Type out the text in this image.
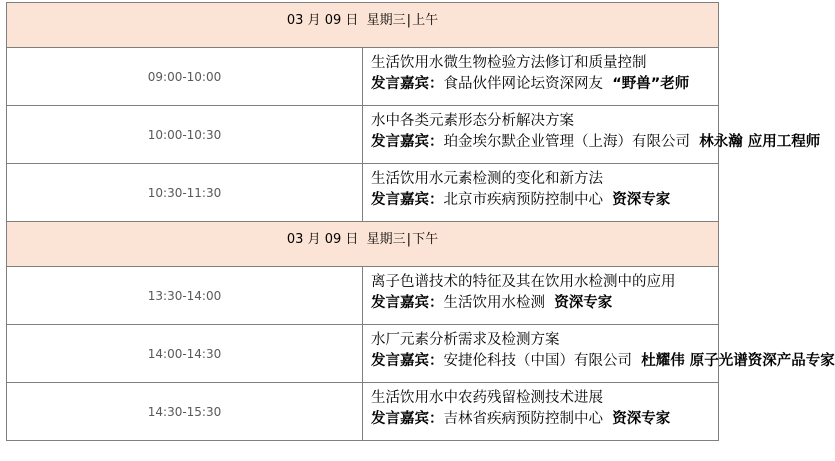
03 月 09 日 星期三|上午	
09:00-10:00	生活饮用水微生物检验方法修订和质量控制
发言嘉宾：食品伙伴网论坛资深网友 “野兽”老师

10:00-10:30	水中各类元素形态分析解决方案
发言嘉宾：珀金埃尔默企业管理（上海）有限公司 林永瀚 应用工程师

10:30-11:30	生活饮用水元素检测的变化和新方法
发言嘉宾：北京市疾病预防控制中心 资深专家

03 月 09 日 星期三|下午	
13:30-14:00	离子色谱技术的特征及其在饮用水检测中的应用
发言嘉宾：生活饮用水检测 资深专家

14:00-14:30	水厂元素分析需求及检测方案
发言嘉宾：安捷伦科技（中国）有限公司 杜耀伟 原子光谱资深产品专家

14:30-15:30	生活饮用水中农药残留检测技术进展
发言嘉宾：吉林省疾病预防控制中心 资深专家
